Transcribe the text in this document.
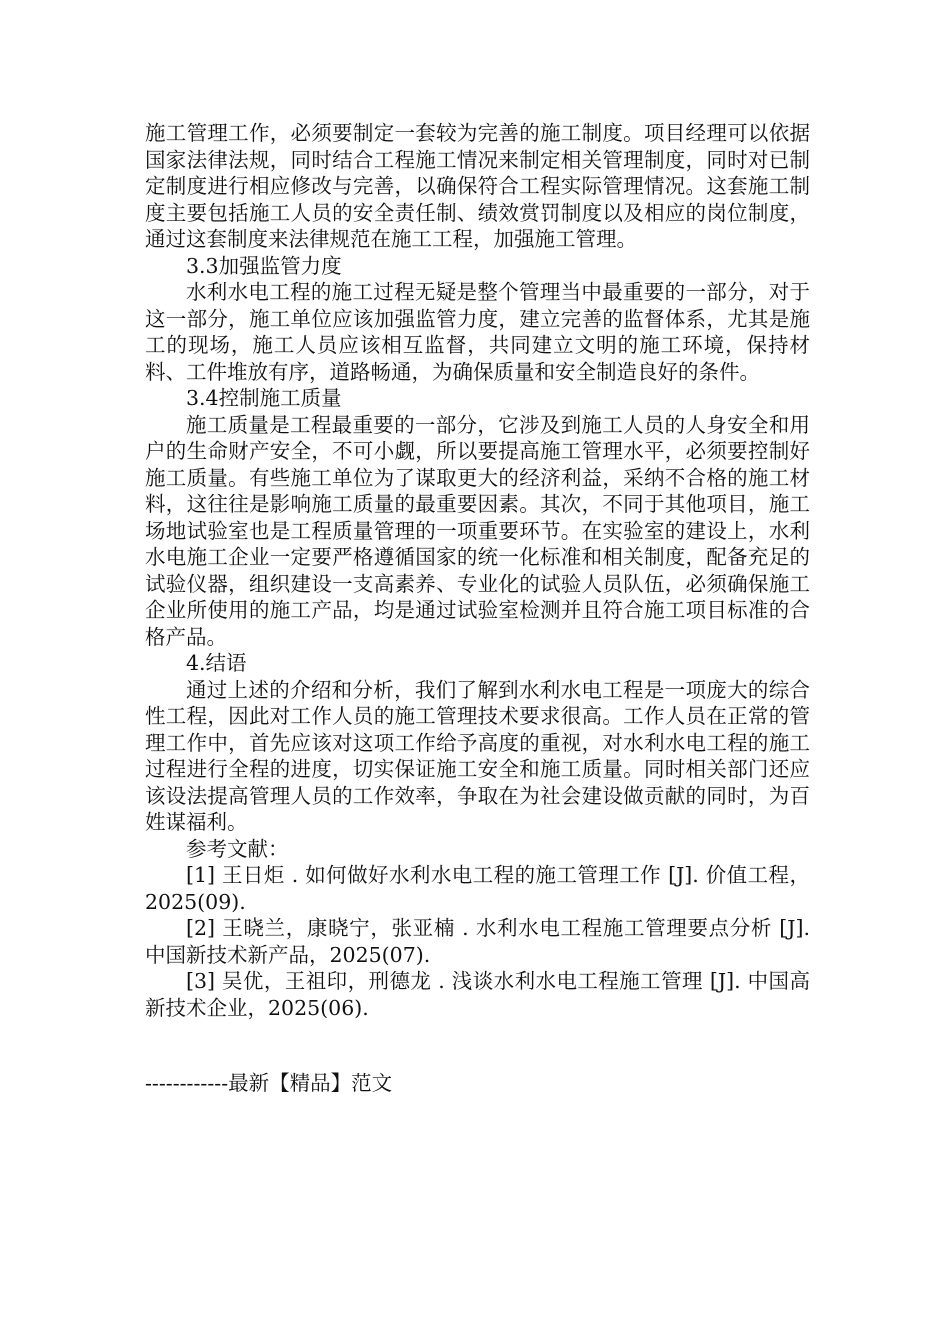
施工管理工作，必须要制定一套较为完善的施工制度。项目经理可以依据国家法律法规，同时结合工程施工情况来制定相关管理制度，同时对已制定制度进行相应修改与完善，以确保符合工程实际管理情况。这套施工制度主要包括施工人员的安全责任制、绩效赏罚制度以及相应的岗位制度，通过这套制度来法律规范在施工工程，加强施工管理。

3.3加强监管力度

水利水电工程的施工过程无疑是整个管理当中最重要的一部分，对于这一部分，施工单位应该加强监管力度，建立完善的监督体系，尤其是施工的现场，施工人员应该相互监督，共同建立文明的施工环境，保持材料、工件堆放有序，道路畅通，为确保质量和安全制造良好的条件。

3.4控制施工质量

施工质量是工程最重要的一部分，它涉及到施工人员的人身安全和用户的生命财产安全，不可小觑，所以要提高施工管理水平，必须要控制好施工质量。有些施工单位为了谋取更大的经济利益，采纳不合格的施工材料，这往往是影响施工质量的最重要因素。其次，不同于其他项目，施工场地试验室也是工程质量管理的一项重要环节。在实验室的建设上，水利水电施工企业一定要严格遵循国家的统一化标准和相关制度，配备充足的试验仪器，组织建设一支高素养、专业化的试验人员队伍，必须确保施工企业所使用的施工产品，均是通过试验室检测并且符合施工项目标准的合格产品。

4.结语

通过上述的介绍和分析，我们了解到水利水电工程是一项庞大的综合性工程，因此对工作人员的施工管理技术要求很高。工作人员在正常的管理工作中，首先应该对这项工作给予高度的重视，对水利水电工程的施工过程进行全程的进度，切实保证施工安全和施工质量。同时相关部门还应该设法提高管理人员的工作效率，争取在为社会建设做贡献的同时，为百姓谋福利。

参考文献：

[1] 王日炬 . 如何做好水利水电工程的施工管理工作 [J]. 价值工程，2025(09).

[2] 王晓兰，康晓宁，张亚楠 . 水利水电工程施工管理要点分析 [J]. 中国新技术新产品，2025(07).

[3] 吴优，王祖印，刑德龙 . 浅谈水利水电工程施工管理 [J]. 中国高新技术企业，2025(06).

------------最新【精品】范文
